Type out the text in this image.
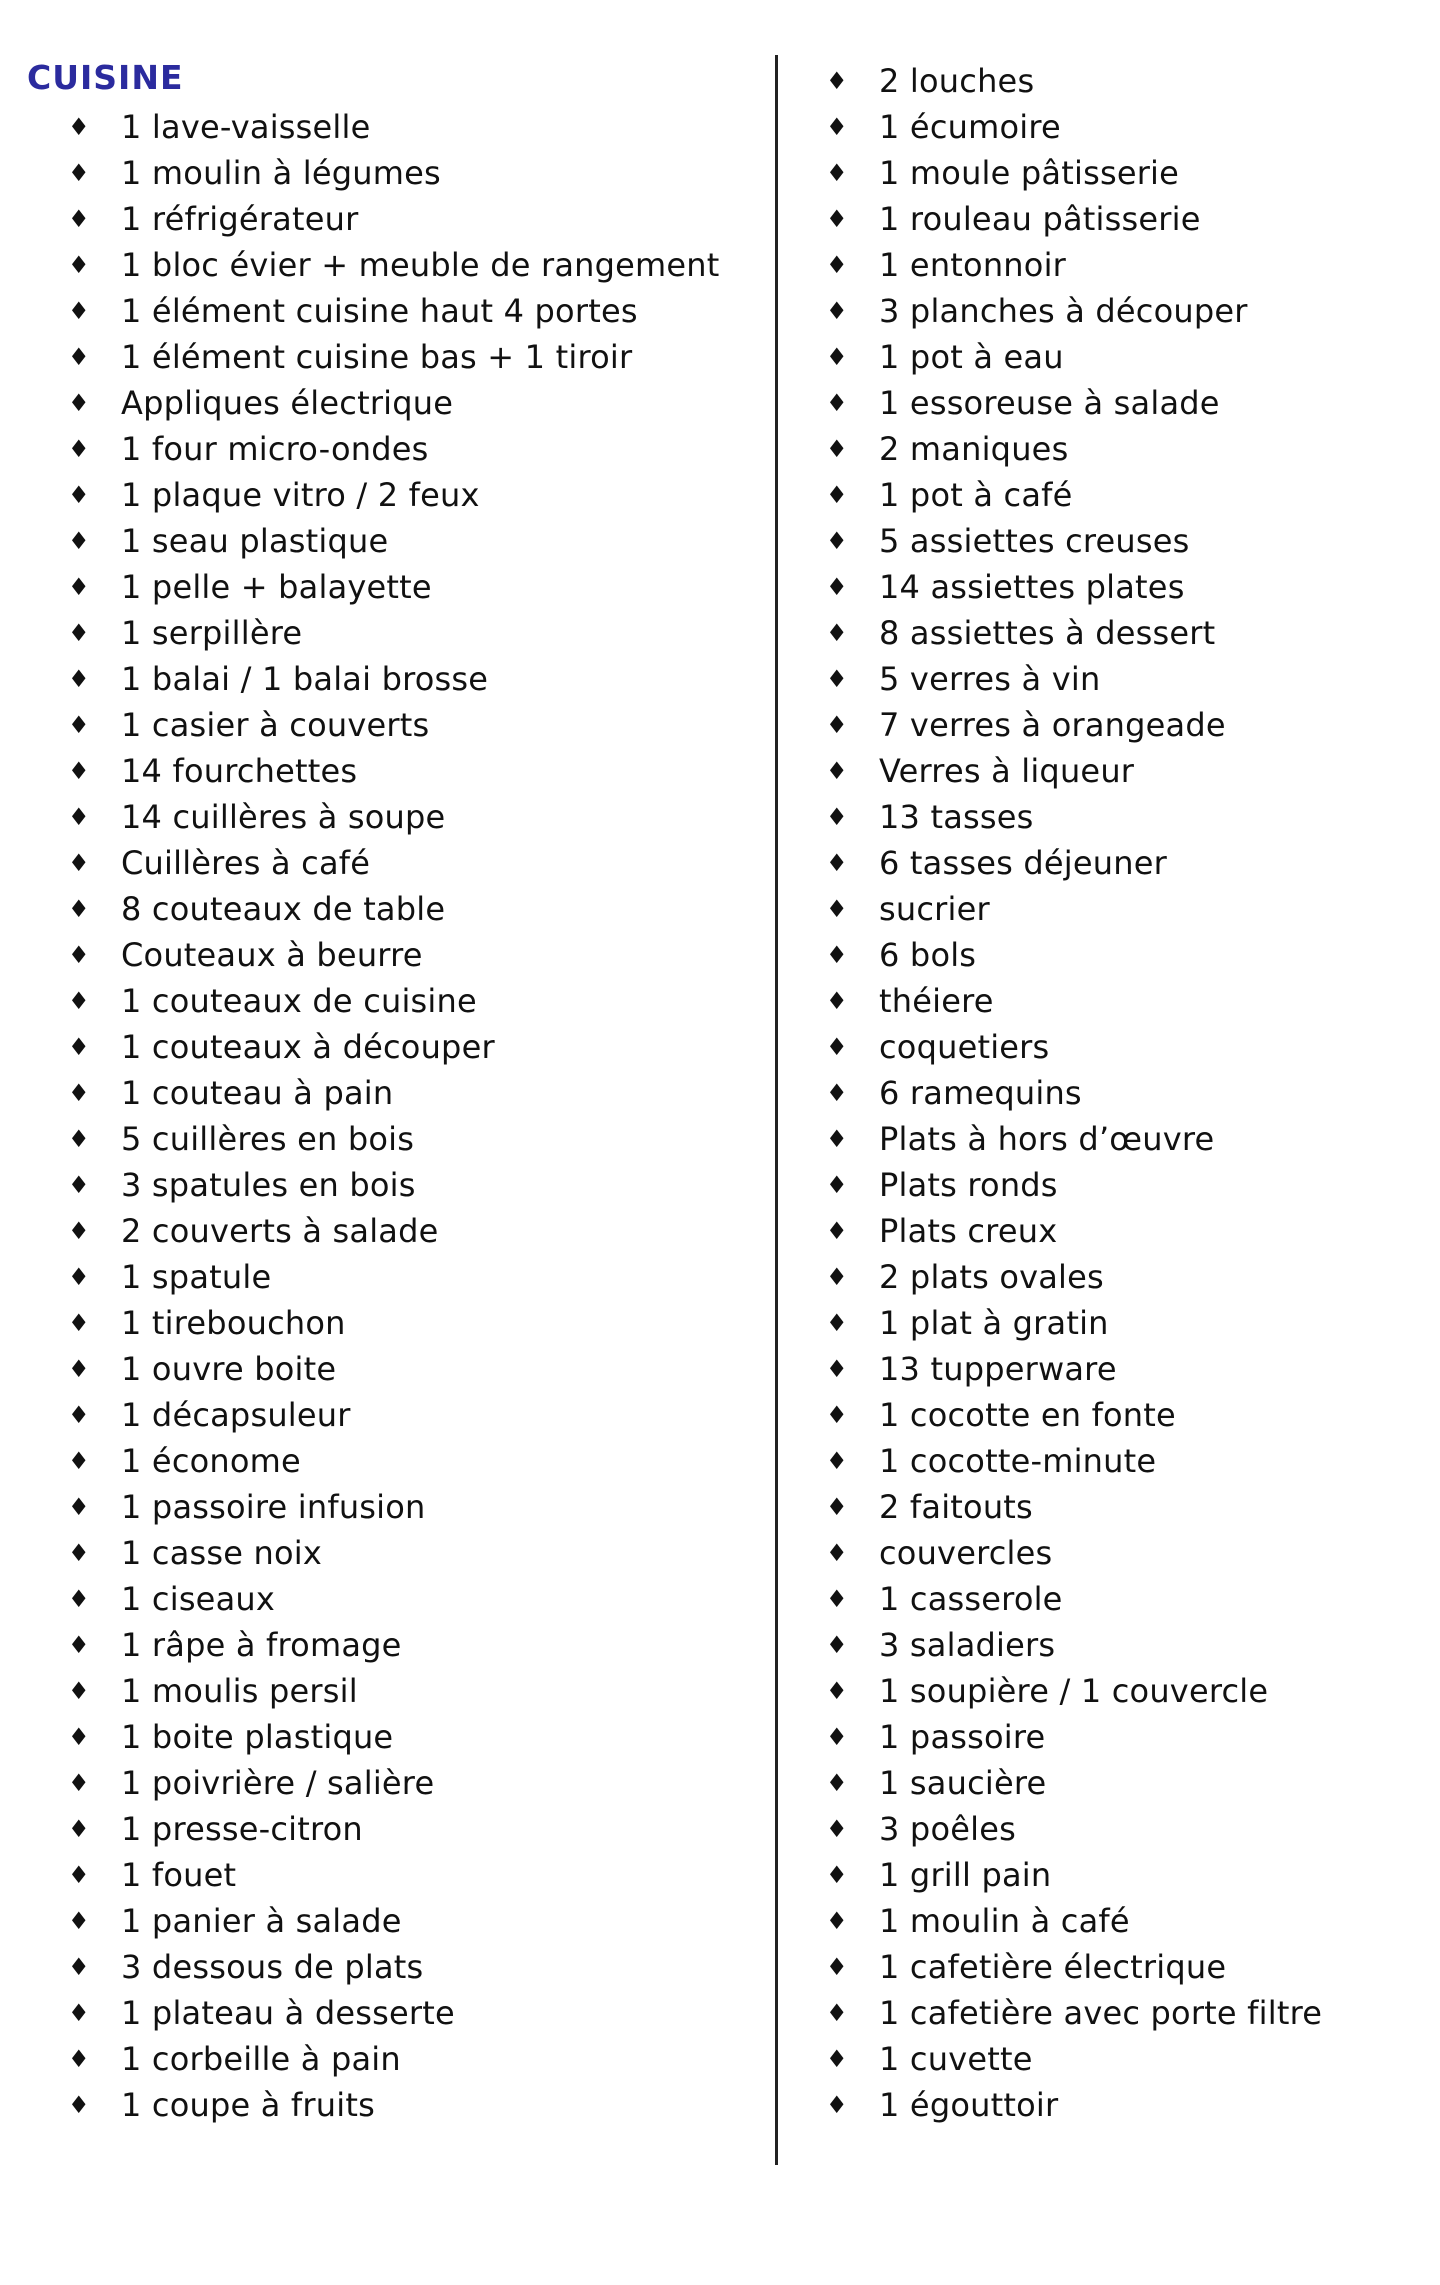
CUISINE
♦ 1 lave-vaisselle
♦ 1 moulin à légumes
♦ 1 réfrigérateur
♦ 1 bloc évier + meuble de rangement
♦ 1 élément cuisine haut 4 portes
♦ 1 élément cuisine bas + 1 tiroir
♦ Appliques électrique
♦ 1 four micro-ondes
♦ 1 plaque vitro / 2 feux
♦ 1 seau plastique
♦ 1 pelle + balayette
♦ 1 serpillère
♦ 1 balai / 1 balai brosse
♦ 1 casier à couverts
♦ 14 fourchettes
♦ 14 cuillères à soupe
♦ Cuillères à café
♦ 8 couteaux de table
♦ Couteaux à beurre
♦ 1 couteaux de cuisine
♦ 1 couteaux à découper
♦ 1 couteau à pain
♦ 5 cuillères en bois
♦ 3 spatules en bois
♦ 2 couverts à salade
♦ 1 spatule
♦ 1 tirebouchon
♦ 1 ouvre boite
♦ 1 décapsuleur
♦ 1 économe
♦ 1 passoire infusion
♦ 1 casse noix
♦ 1 ciseaux
♦ 1 râpe à fromage
♦ 1 moulis persil
♦ 1 boite plastique
♦ 1 poivrière / salière
♦ 1 presse-citron
♦ 1 fouet
♦ 1 panier à salade
♦ 3 dessous de plats
♦ 1 plateau à desserte
♦ 1 corbeille à pain
♦ 1 coupe à fruits
♦ 2 louches
♦ 1 écumoire
♦ 1 moule pâtisserie
♦ 1 rouleau pâtisserie
♦ 1 entonnoir
♦ 3 planches à découper
♦ 1 pot à eau
♦ 1 essoreuse à salade
♦ 2 maniques
♦ 1 pot à café
♦ 5 assiettes creuses
♦ 14 assiettes plates
♦ 8 assiettes à dessert
♦ 5 verres à vin
♦ 7 verres à orangeade
♦ Verres à liqueur
♦ 13 tasses
♦ 6 tasses déjeuner
♦ sucrier
♦ 6 bols
♦ théiere
♦ coquetiers
♦ 6 ramequins
♦ Plats à hors d’œuvre
♦ Plats ronds
♦ Plats creux
♦ 2 plats ovales
♦ 1 plat à gratin
♦ 13 tupperware
♦ 1 cocotte en fonte
♦ 1 cocotte-minute
♦ 2 faitouts
♦ couvercles
♦ 1 casserole
♦ 3 saladiers
♦ 1 soupière / 1 couvercle
♦ 1 passoire
♦ 1 saucière
♦ 3 poêles
♦ 1 grill pain
♦ 1 moulin à café
♦ 1 cafetière électrique
♦ 1 cafetière avec porte filtre
♦ 1 cuvette
♦ 1 égouttoir
